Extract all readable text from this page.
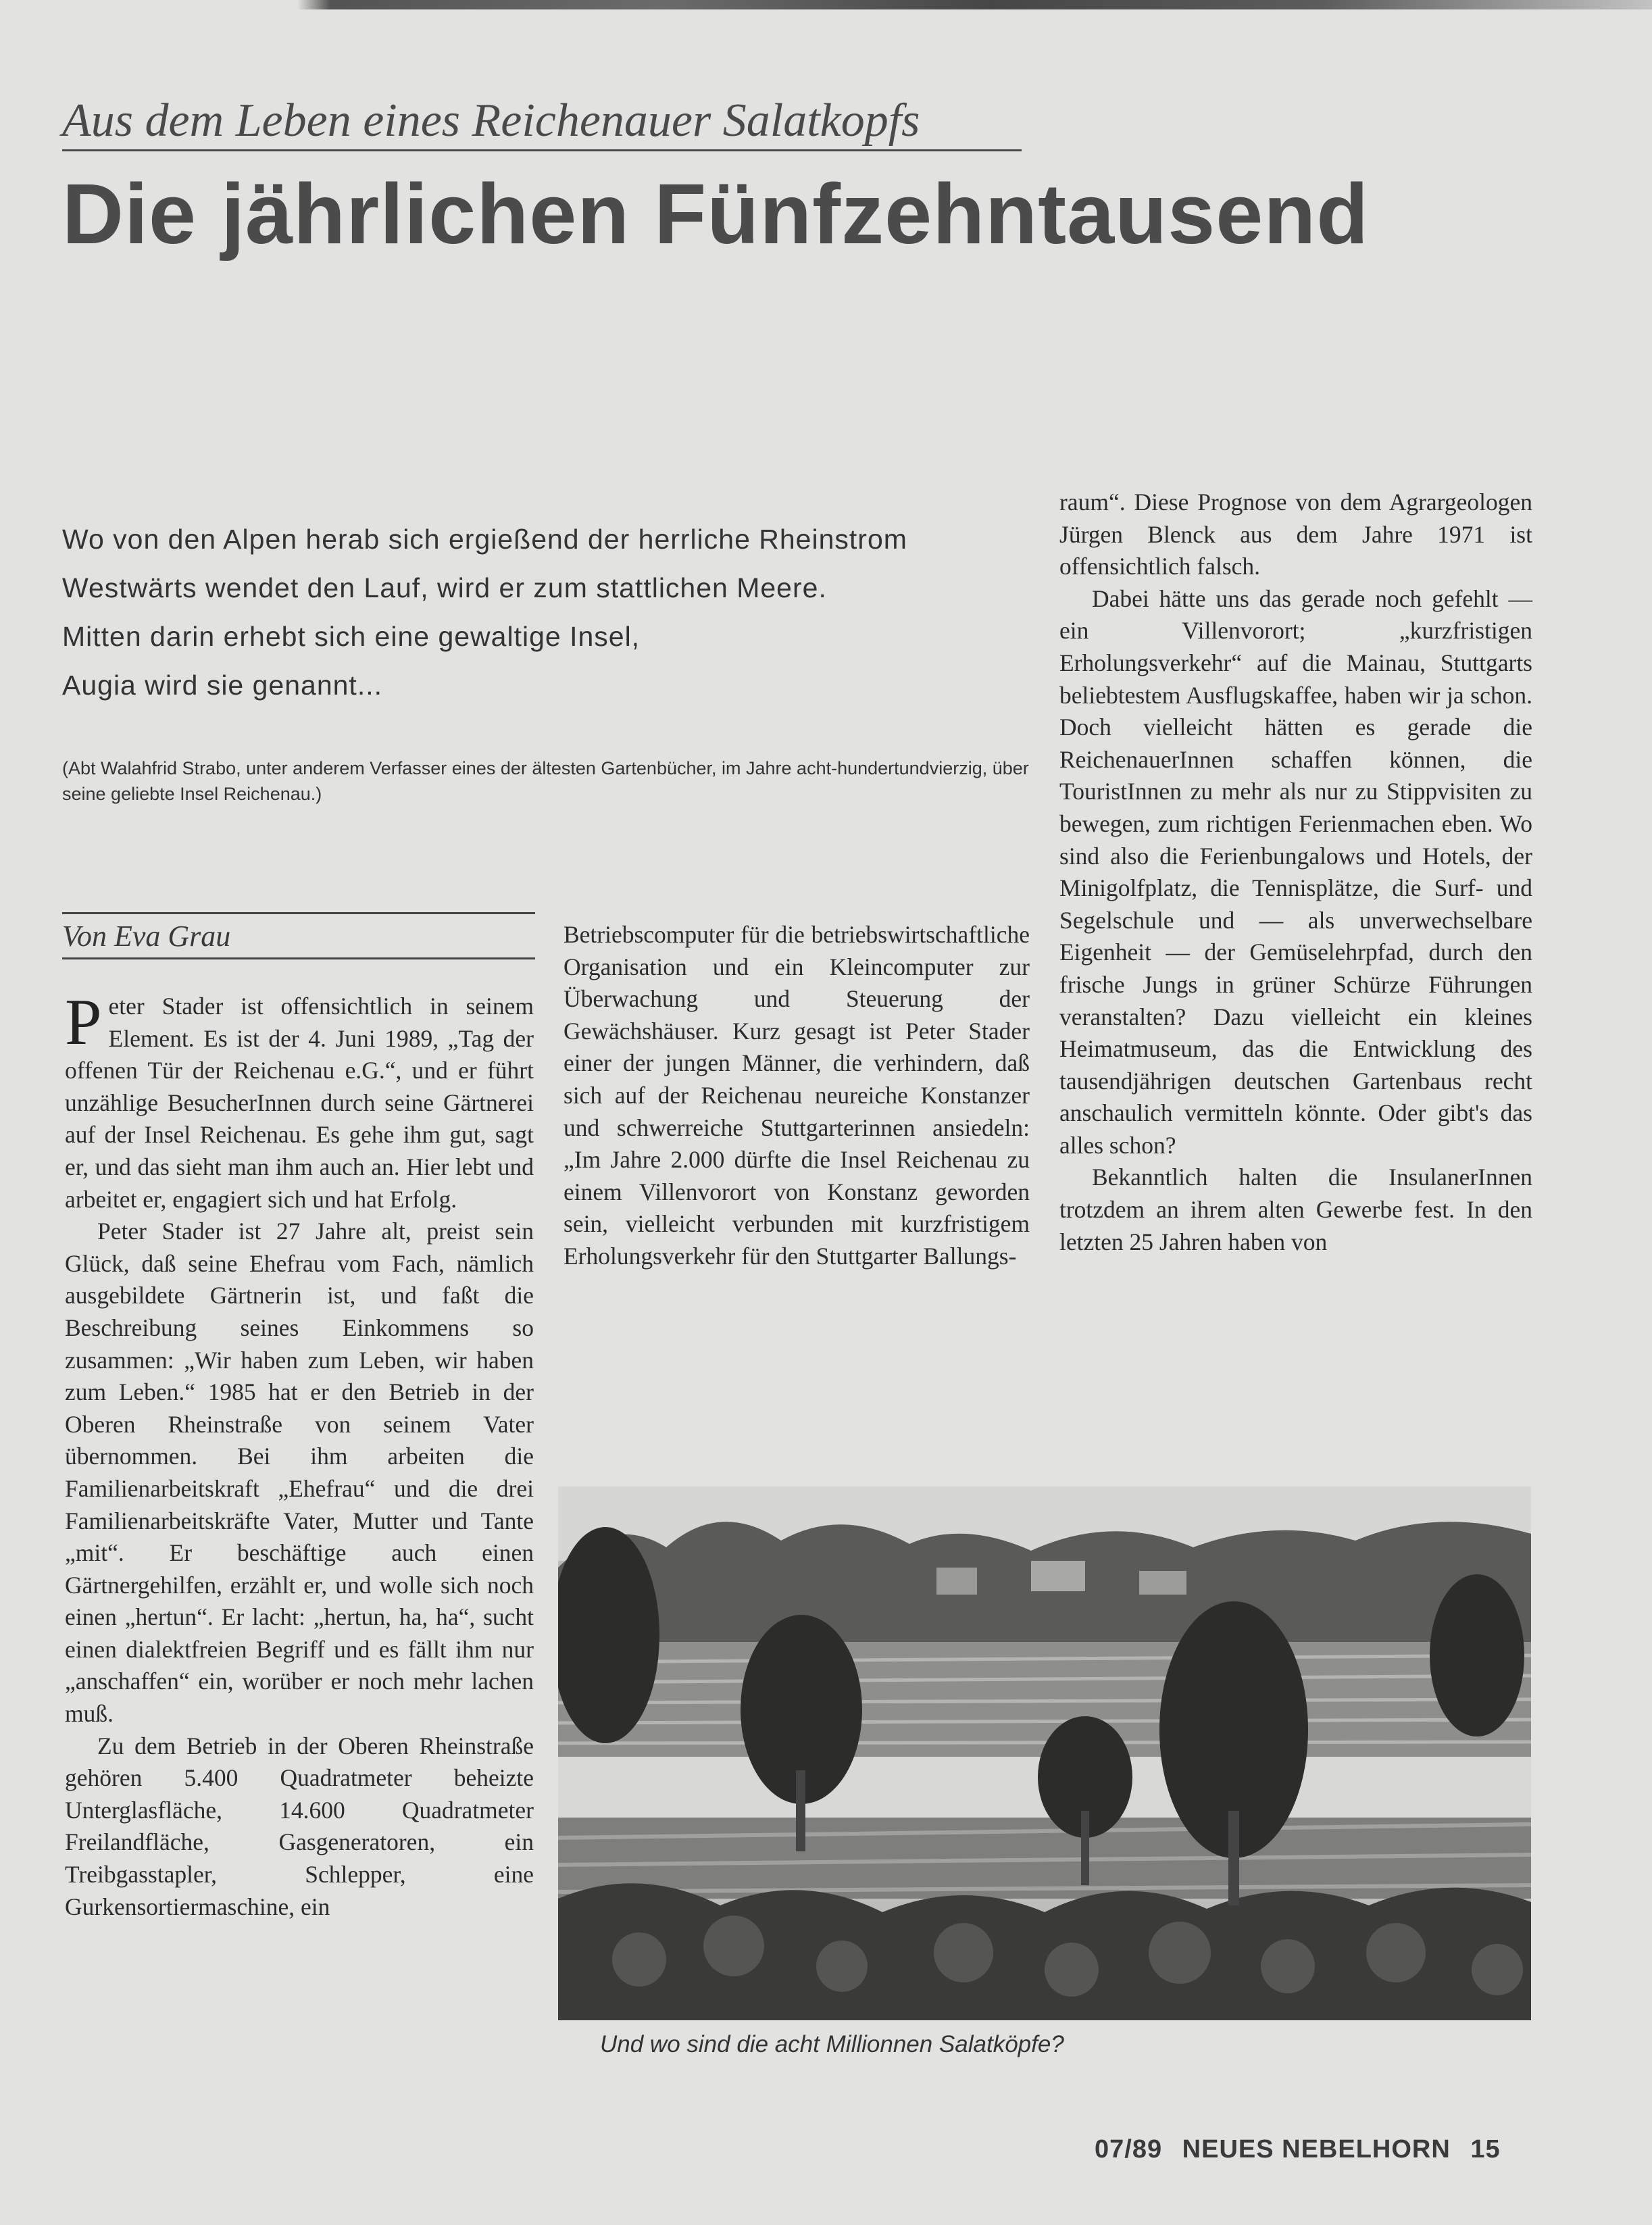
Aus dem Leben eines Reichenauer Salatkopfs
Die jährlichen Fünfzehntausend
Wo von den Alpen herab sich ergießend der herrliche Rheinstrom
Westwärts wendet den Lauf, wird er zum stattlichen Meere.
Mitten darin erhebt sich eine gewaltige Insel,
Augia wird sie genannt...
(Abt Walahfrid Strabo, unter anderem Verfasser eines der ältesten Gartenbücher, im Jahre acht-hundertundvierzig, über seine geliebte Insel Reichenau.)
Von Eva Grau

Peter Stader ist offensichtlich in seinem Element. Es ist der 4. Juni 1989, „Tag der offenen Tür der Reichenau e.G.“, und er führt unzählige BesucherInnen durch seine Gärtnerei auf der Insel Reichenau. Es gehe ihm gut, sagt er, und das sieht man ihm auch an. Hier lebt und arbeitet er, engagiert sich und hat Erfolg.

Peter Stader ist 27 Jahre alt, preist sein Glück, daß seine Ehefrau vom Fach, nämlich ausgebildete Gärtnerin ist, und faßt die Beschreibung seines Einkommens so zusammen: „Wir haben zum Leben, wir haben zum Leben.“ 1985 hat er den Betrieb in der Oberen Rheinstraße von seinem Vater übernommen. Bei ihm arbeiten die Familienarbeitskraft „Ehefrau“ und die drei Familienarbeitskräfte Vater, Mutter und Tante „mit“. Er beschäftige auch einen Gärtnergehilfen, erzählt er, und wolle sich noch einen „hertun“. Er lacht: „hertun, ha, ha“, sucht einen dialektfreien Begriff und es fällt ihm nur „anschaffen“ ein, worüber er noch mehr lachen muß.

Zu dem Betrieb in der Oberen Rheinstraße gehören 5.400 Quadratmeter beheizte Unterglasfläche, 14.600 Quadratmeter Freilandfläche, Gasgeneratoren, ein Treibgasstapler, Schlepper, eine Gurkensortiermaschine, ein

Betriebscomputer für die betriebswirtschaftliche Organisation und ein Kleincomputer zur Überwachung und Steuerung der Gewächshäuser. Kurz gesagt ist Peter Stader einer der jungen Männer, die verhindern, daß sich auf der Reichenau neureiche Konstanzer und schwerreiche Stuttgarterinnen ansiedeln: „Im Jahre 2.000 dürfte die Insel Reichenau zu einem Villenvorort von Konstanz geworden sein, vielleicht verbunden mit kurzfristigem Erholungsverkehr für den Stuttgarter Ballungs-

raum“. Diese Prognose von dem Agrargeologen Jürgen Blenck aus dem Jahre 1971 ist offensichtlich falsch.

Dabei hätte uns das gerade noch gefehlt — ein Villenvorort; „kurzfristigen Erholungsverkehr“ auf die Mainau, Stuttgarts beliebtestem Ausflugskaffee, haben wir ja schon. Doch vielleicht hätten es gerade die ReichenauerInnen schaffen können, die TouristInnen zu mehr als nur zu Stippvisiten zu bewegen, zum richtigen Ferienmachen eben. Wo sind also die Ferienbungalows und Hotels, der Minigolfplatz, die Tennisplätze, die Surf- und Segelschule und — als unverwechselbare Eigenheit — der Gemüselehrpfad, durch den frische Jungs in grüner Schürze Führungen veranstalten? Dazu vielleicht ein kleines Heimatmuseum, das die Entwicklung des tausendjährigen deutschen Gartenbaus recht anschaulich vermitteln könnte. Oder gibt's das alles schon?

Bekanntlich halten die InsulanerInnen trotzdem an ihrem alten Gewerbe fest. In den letzten 25 Jahren haben von

Und wo sind die acht Millionnen Salatköpfe?
07/89 NEUES NEBELHORN 15
